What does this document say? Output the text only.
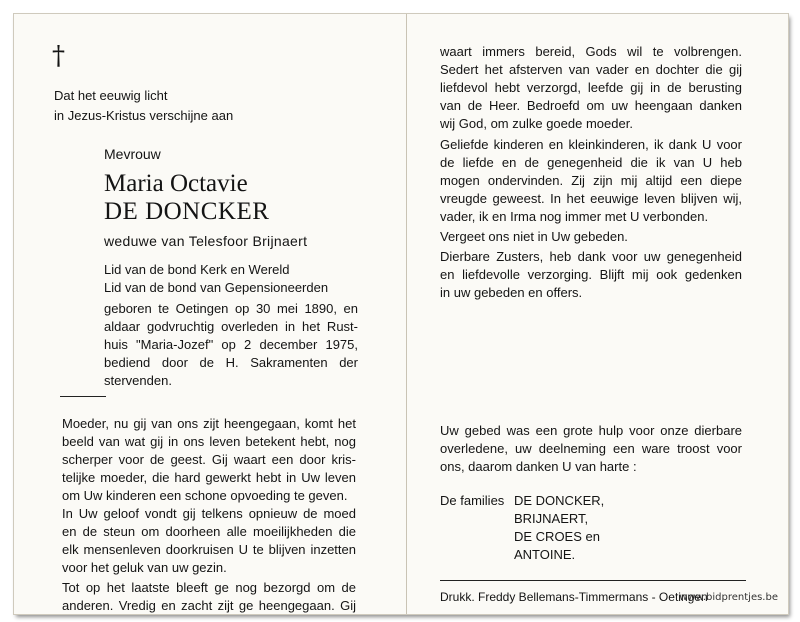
†
Dat het eeuwig licht
in Jezus-Kristus verschijne aan
Mevrouw
Maria Octavie
DE DONCKER
weduwe van Telesfoor Brijnaert
Lid van de bond Kerk en Wereld
Lid van de bond van Gepensioneerden
geboren te Oetingen op 30 mei 1890, en
aldaar godvruchtig overleden in het Rust-
huis "Maria-Jozef" op 2 december 1975,
bediend door de H. Sakramenten der
stervenden.
Moeder, nu gij van ons zijt heengegaan, komt het
beeld van wat gij in ons leven betekent hebt, nog
scherper voor de geest. Gij waart een door kris-
telijke moeder, die hard gewerkt hebt in Uw leven
om Uw kinderen een schone opvoeding te geven.
In Uw geloof vondt gij telkens opnieuw de moed
en de steun om doorheen alle moeilijkheden die
elk mensenleven doorkruisen U te blijven inzetten
voor het geluk van uw gezin.
Tot op het laatste bleeft ge nog bezorgd om de
anderen. Vredig en zacht zijt ge heengegaan. Gij
waart immers bereid, Gods wil te volbrengen.
Sedert het afsterven van vader en dochter die gij
liefdevol hebt verzorgd, leefde gij in de berusting
van de Heer. Bedroefd om uw heengaan danken
wij God, om zulke goede moeder.
Geliefde kinderen en kleinkinderen, ik dank U voor
de liefde en de genegenheid die ik van U heb
mogen ondervinden. Zij zijn mij altijd een diepe
vreugde geweest. In het eeuwige leven blijven wij,
vader, ik en Irma nog immer met U verbonden.
Vergeet ons niet in Uw gebeden.
Dierbare Zusters, heb dank voor uw genegenheid
en liefdevolle verzorging. Blijft mij ook gedenken
in uw gebeden en offers.
Uw gebed was een grote hulp voor onze dierbare
overledene, uw deelneming een ware troost voor
ons, daarom danken U van harte :
De families DE DONCKER,
BRIJNAERT,
DE CROES en
ANTOINE.
Drukk. Freddy Bellemans-Timmermans - Oetingen
www.bidprentjes.be
